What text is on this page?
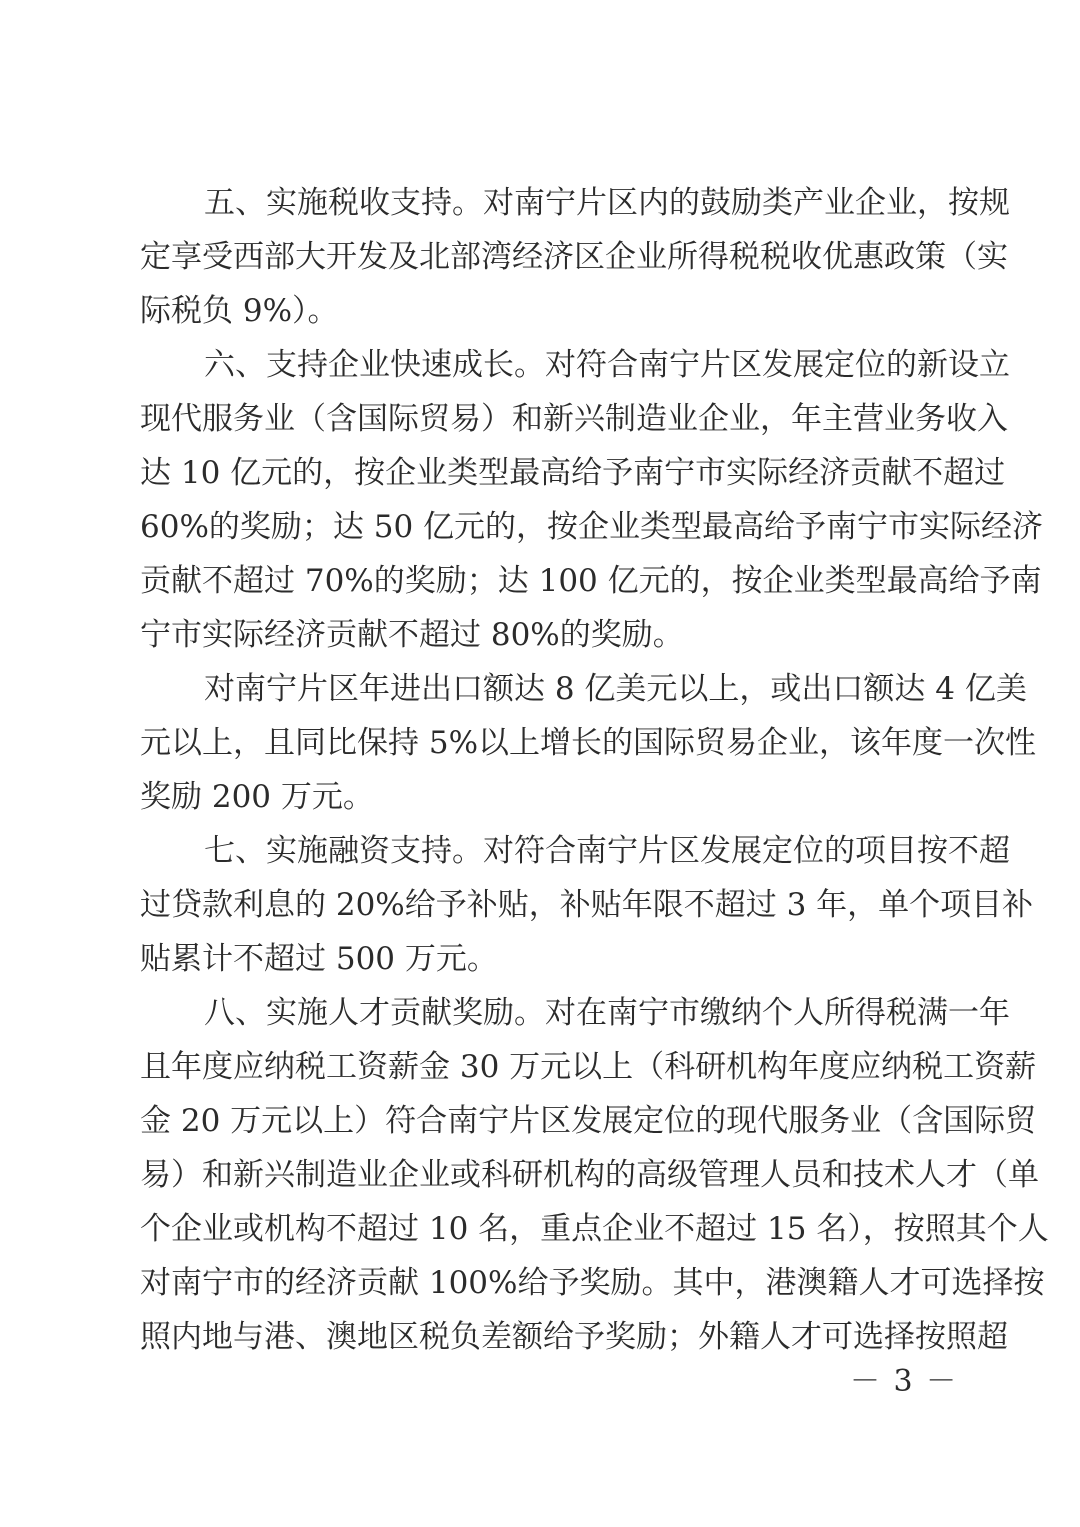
五、实施税收支持。对南宁片区内的鼓励类产业企业，按规
定享受西部大开发及北部湾经济区企业所得税税收优惠政策（实
际税负 9%）。
六、支持企业快速成长。对符合南宁片区发展定位的新设立
现代服务业（含国际贸易）和新兴制造业企业，年主营业务收入
达 10 亿元的，按企业类型最高给予南宁市实际经济贡献不超过
60%的奖励；达 50 亿元的，按企业类型最高给予南宁市实际经济
贡献不超过 70%的奖励；达 100 亿元的，按企业类型最高给予南
宁市实际经济贡献不超过 80%的奖励。
对南宁片区年进出口额达 8 亿美元以上，或出口额达 4 亿美
元以上，且同比保持 5%以上增长的国际贸易企业，该年度一次性
奖励 200 万元。
七、实施融资支持。对符合南宁片区发展定位的项目按不超
过贷款利息的 20%给予补贴，补贴年限不超过 3 年，单个项目补
贴累计不超过 500 万元。
八、实施人才贡献奖励。对在南宁市缴纳个人所得税满一年
且年度应纳税工资薪金 30 万元以上（科研机构年度应纳税工资薪
金 20 万元以上）符合南宁片区发展定位的现代服务业（含国际贸
易）和新兴制造业企业或科研机构的高级管理人员和技术人才（单
个企业或机构不超过 10 名，重点企业不超过 15 名），按照其个人
对南宁市的经济贡献 100%给予奖励。其中，港澳籍人才可选择按
照内地与港、澳地区税负差额给予奖励；外籍人才可选择按照超
－ 3 －
